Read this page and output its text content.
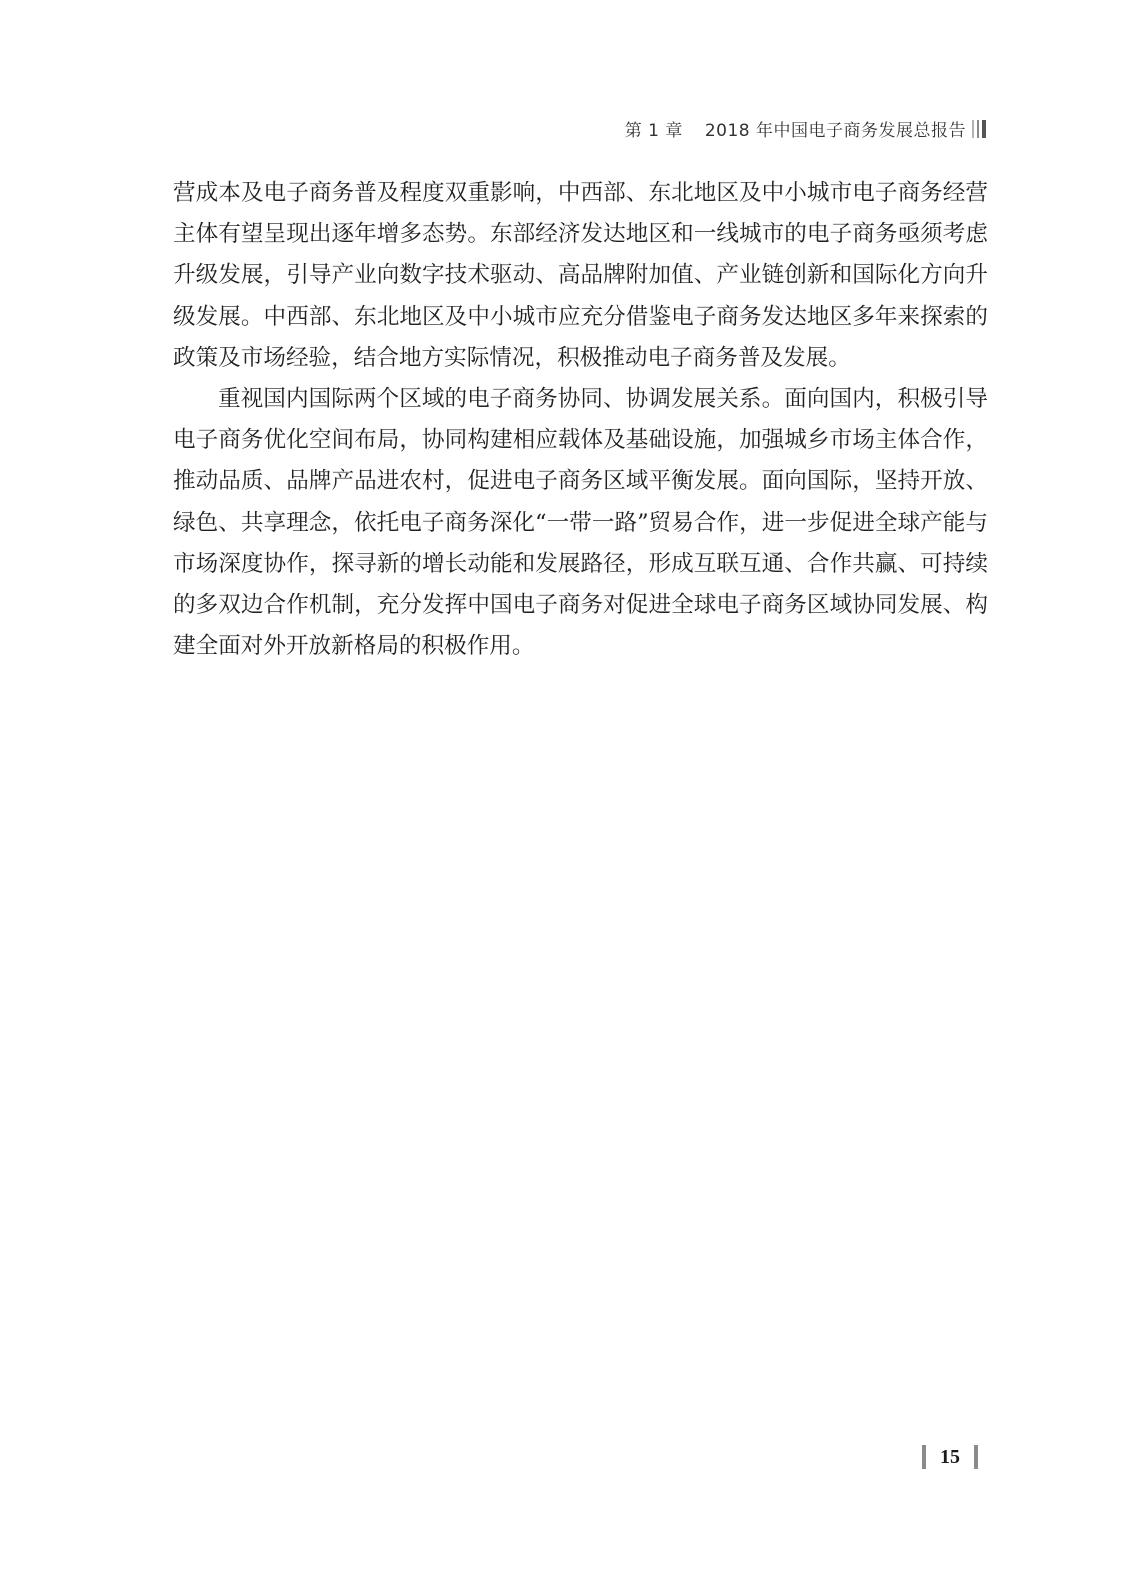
第 1 章 2018 年中国电子商务发展总报告

营成本及电子商务普及程度双重影响，中西部、东北地区及中小城市电子商务经营主体有望呈现出逐年增多态势。东部经济发达地区和一线城市的电子商务亟须考虑升级发展，引导产业向数字技术驱动、高品牌附加值、产业链创新和国际化方向升级发展。中西部、东北地区及中小城市应充分借鉴电子商务发达地区多年来探索的政策及市场经验，结合地方实际情况，积极推动电子商务普及发展。

重视国内国际两个区域的电子商务协同、协调发展关系。面向国内，积极引导电子商务优化空间布局，协同构建相应载体及基础设施，加强城乡市场主体合作，推动品质、品牌产品进农村，促进电子商务区域平衡发展。面向国际，坚持开放、绿色、共享理念，依托电子商务深化“一带一路”贸易合作，进一步促进全球产能与市场深度协作，探寻新的增长动能和发展路径，形成互联互通、合作共赢、可持续的多双边合作机制，充分发挥中国电子商务对促进全球电子商务区域协同发展、构建全面对外开放新格局的积极作用。

15
